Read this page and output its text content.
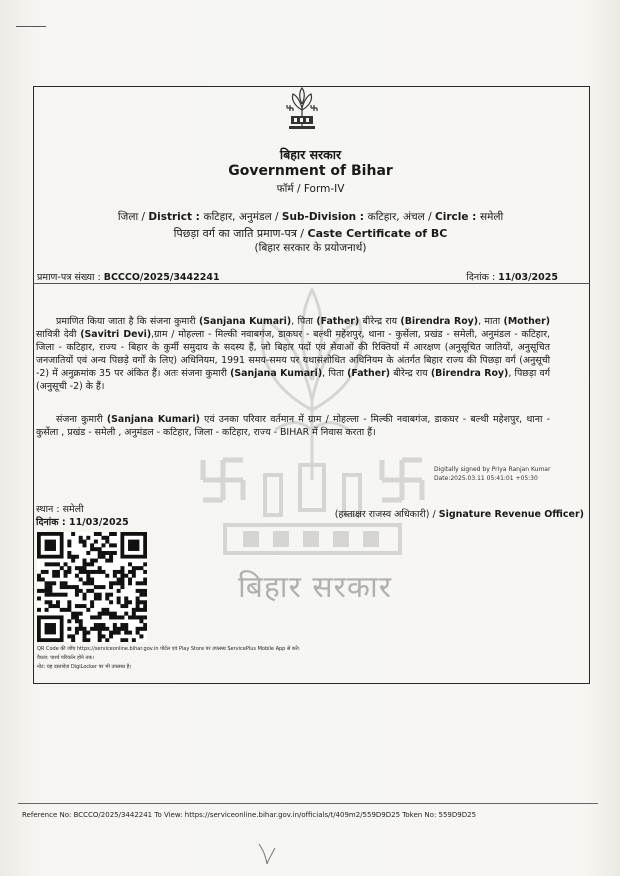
बिहार सरकार
बिहार सरकार
Government of Bihar
फॉर्म / Form-IV
जिला / District : कटिहार, अनुमंडल / Sub-Division : कटिहार, अंचल / Circle : समेली
पिछड़ा वर्ग का जाति प्रमाण-पत्र / Caste Certificate of BC
(बिहार सरकार के प्रयोजनार्थ)
प्रमाण-पत्र संख्या : BCCCO/2025/3442241	दिनांक : 11/03/2025
प्रमाणित किया जाता है कि संजना कुमारी (Sanjana Kumari), पिता (Father) बीरेन्द्र राय (Birendra Roy), माता (Mother) सावित्री देवी (Savitri Devi),ग्राम / मोहल्ला - मिल्की नवाबगंज, डाकघर - बल्थी महेशपुर, थाना - कुर्सेला, प्रखंड - समेली, अनुमंडल - कटिहार, जिला - कटिहार, राज्य - बिहार के कुर्मी समुदाय के सदस्य हैं, जो बिहार पदों एवं सेवाओं की रिक्तियों में आरक्षण (अनुसूचित जातियों, अनुसूचित जनजातियों एवं अन्य पिछड़े वर्गों के लिए) अधिनियम, 1991 समय-समय पर यथासंशोधित अधिनियम के अंतर्गत बिहार राज्य की पिछड़ा वर्ग (अनुसूची -2) में अनुक्रमांक 35 पर अंकित हैं। अतः संजना कुमारी (Sanjana Kumari), पिता (Father) बीरेन्द्र राय (Birendra Roy), पिछड़ा वर्ग (अनुसूची -2) के हैं।
संजना कुमारी (Sanjana Kumari) एवं उनका परिवार वर्तमान में ग्राम / मोहल्ला - मिल्की नवाबगंज, डाकघर - बल्थी महेशपुर, थाना - कुर्सेला , प्रखंड - समेली , अनुमंडल - कटिहार, जिला - कटिहार, राज्य - BIHAR में निवास करता हैं।
Digitally signed by Priya Ranjan Kumar
Date:2025.03.11 05:41:01 +05:30
स्थान : समेली
दिनांक : 11/03/2025
(हस्ताक्षर राजस्व अधिकारी) / Signature Revenue Officer)
QR Code की जाँच https://serviceonline.bihar.gov.in पोर्टल एवं Play Store पर उपलब्ध ServicePlus Mobile App से करें।
वैधता: पार्श्व परिवर्तन होने तक।
नोट: यह दस्तावेज़ DigiLocker पर भी उपलब्ध है।
Reference No: BCCCO/2025/3442241 To View: https://serviceonline.bihar.gov.in/officials/t/409m2/559D9D25 Token No: 559D9D25
